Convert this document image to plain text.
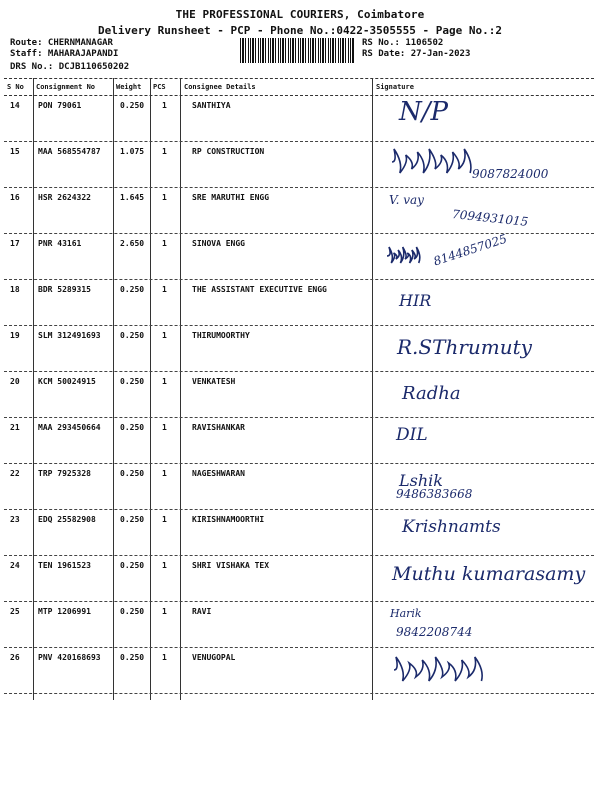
THE PROFESSIONAL COURIERS, Coimbatore
Delivery Runsheet - PCP - Phone No.:0422-3505555 - Page No.:2
Route: CHERNMANAGAR
Staff: MAHARAJAPANDI
DRS No.: DCJB110650202
RS No.: 1106502
RS Date: 27-Jan-2023
S No Consignment No	Weight PCS	Consignee Details	Signature
14 PON 79061	0.250 1	SANTHIYA	N/P
15 MAA 568554787 1.075 1	RP CONSTRUCTION
9087824000
16 HSR 2624322	1.645 1	SRE MARUTHI ENGG	V. vay
7094931015
17 PNR 43161	2.650 1	SINOVA ENGG	8144857025
18 BDR 5289315	0.250 1	THE ASSISTANT EXECUTIVE ENGG
HIR
19 SLM 312491693 0.250 1	THIRUMOORTHY	R.SThrumuty
20 KCM 50024915	0.250 1	VENKATESH
Radha
21 MAA 293450664 0.250 1	RAVISHANKAR	DIL
22 TRP 7925328	0.250 1	NAGESHWARAN	Lshik
9486383668
23 EDQ 25582908	0.250 1	KIRISHNAMOORTHI	Krishnamts
24 TEN 1961523	0.250 1	SHRI VISHAKA TEX	Muthu kumarasamy
25 MTP 1206991	0.250 1	RAVI	Harik
9842208744
26 PNV 420168693 0.250 1	VENUGOPAL
